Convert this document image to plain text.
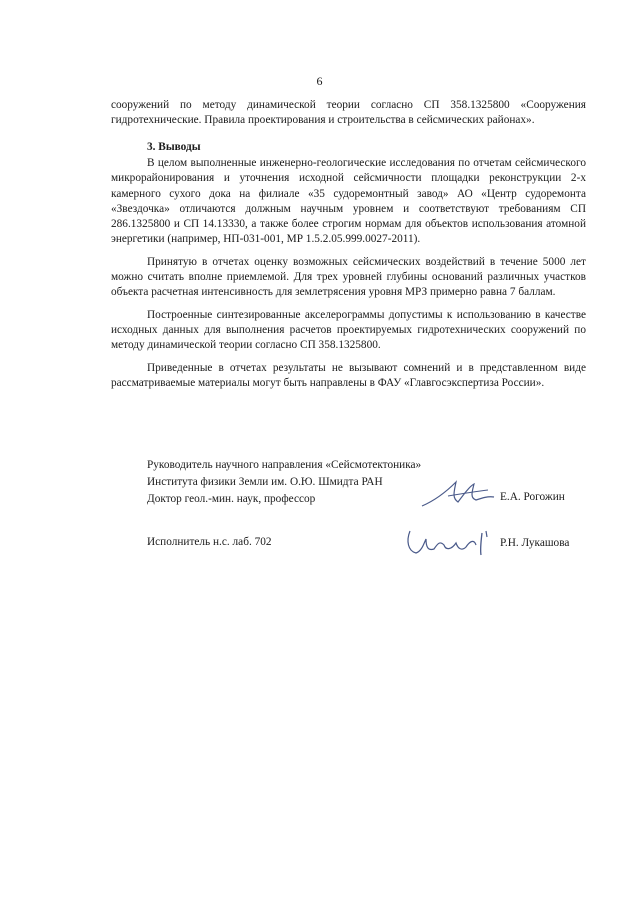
6
сооружений по методу динамической теории согласно СП 358.1325800 «Сооружения гидротехнические. Правила проектирования и строительства в сейсмических районах».
3. Выводы

В целом выполненные инженерно-геологические исследования по отчетам сейсмического микрорайонирования и уточнения исходной сейсмичности площадки реконструкции 2-х камерного сухого дока на филиале «35 судоремонтный завод» АО «Центр судоремонта «Звездочка» отличаются должным научным уровнем и соответствуют требованиям СП 286.1325800 и СП 14.13330, а также более строгим нормам для объектов использования атомной энергетики (например, НП-031-001, МР 1.5.2.05.999.0027-2011).

Принятую в отчетах оценку возможных сейсмических воздействий в течение 5000 лет можно считать вполне приемлемой. Для трех уровней глубины оснований различных участков объекта расчетная интенсивность для землетрясения уровня МРЗ примерно равна 7 баллам.

Построенные синтезированные акселерограммы допустимы к использованию в качестве исходных данных для выполнения расчетов проектируемых гидротехнических сооружений по методу динамической теории согласно СП 358.1325800.

Приведенные в отчетах результаты не вызывают сомнений и в представленном виде рассматриваемые материалы могут быть направлены в ФАУ «Главгосэкспертиза России».

Руководитель научного направления «Сейсмотектоника»
Института физики Земли им. О.Ю. Шмидта РАН
Доктор геол.-мин. наук, профессор	Е.А. Рогожин
Исполнитель н.с. лаб. 702	Р.Н. Лукашова
